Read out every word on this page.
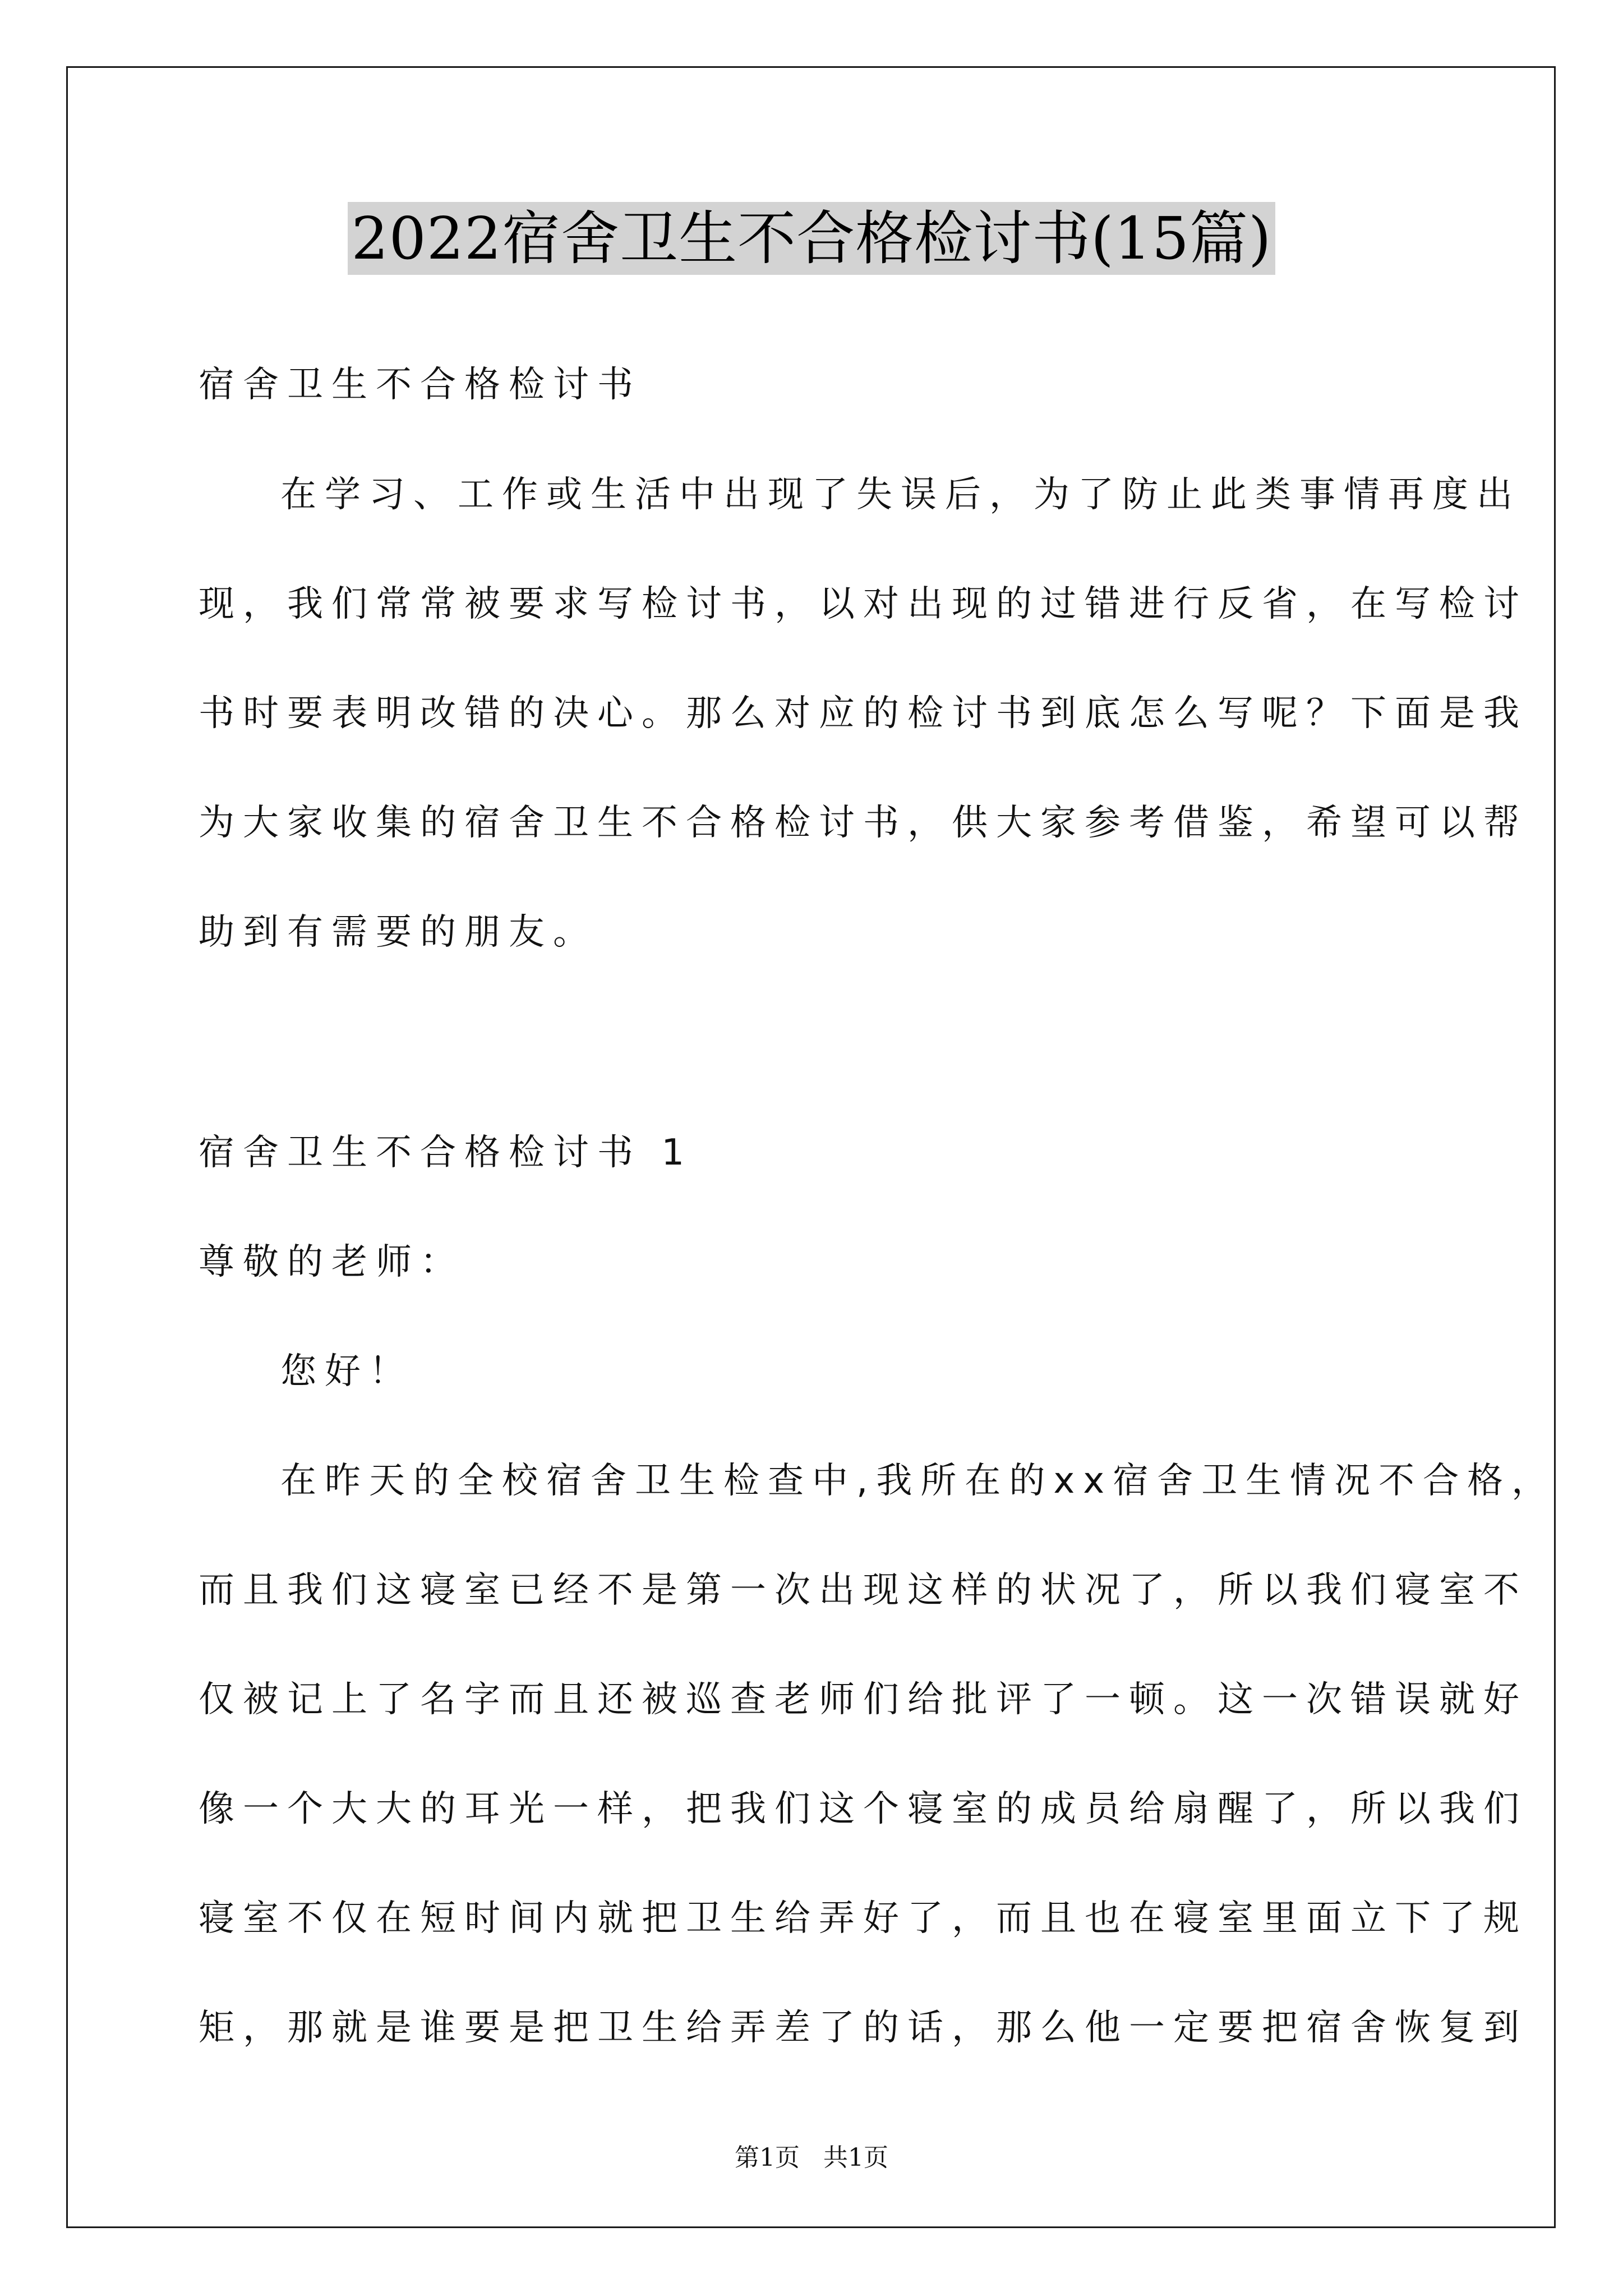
2022宿舍卫生不合格检讨书(15篇)
宿舍卫生不合格检讨书
在学习、工作或生活中出现了失误后，为了防止此类事情再度出
现，我们常常被要求写检讨书，以对出现的过错进行反省，在写检讨
书时要表明改错的决心。那么对应的检讨书到底怎么写呢？下面是我
为大家收集的宿舍卫生不合格检讨书，供大家参考借鉴，希望可以帮
助到有需要的朋友。
宿舍卫生不合格检讨书 1
尊敬的老师：
您好！
在昨天的全校宿舍卫生检查中,我所在的xx宿舍卫生情况不合格，
而且我们这寝室已经不是第一次出现这样的状况了，所以我们寝室不
仅被记上了名字而且还被巡查老师们给批评了一顿。这一次错误就好
像一个大大的耳光一样，把我们这个寝室的成员给扇醒了，所以我们
寝室不仅在短时间内就把卫生给弄好了，而且也在寝室里面立下了规
矩，那就是谁要是把卫生给弄差了的话，那么他一定要把宿舍恢复到
第1页 共1页
